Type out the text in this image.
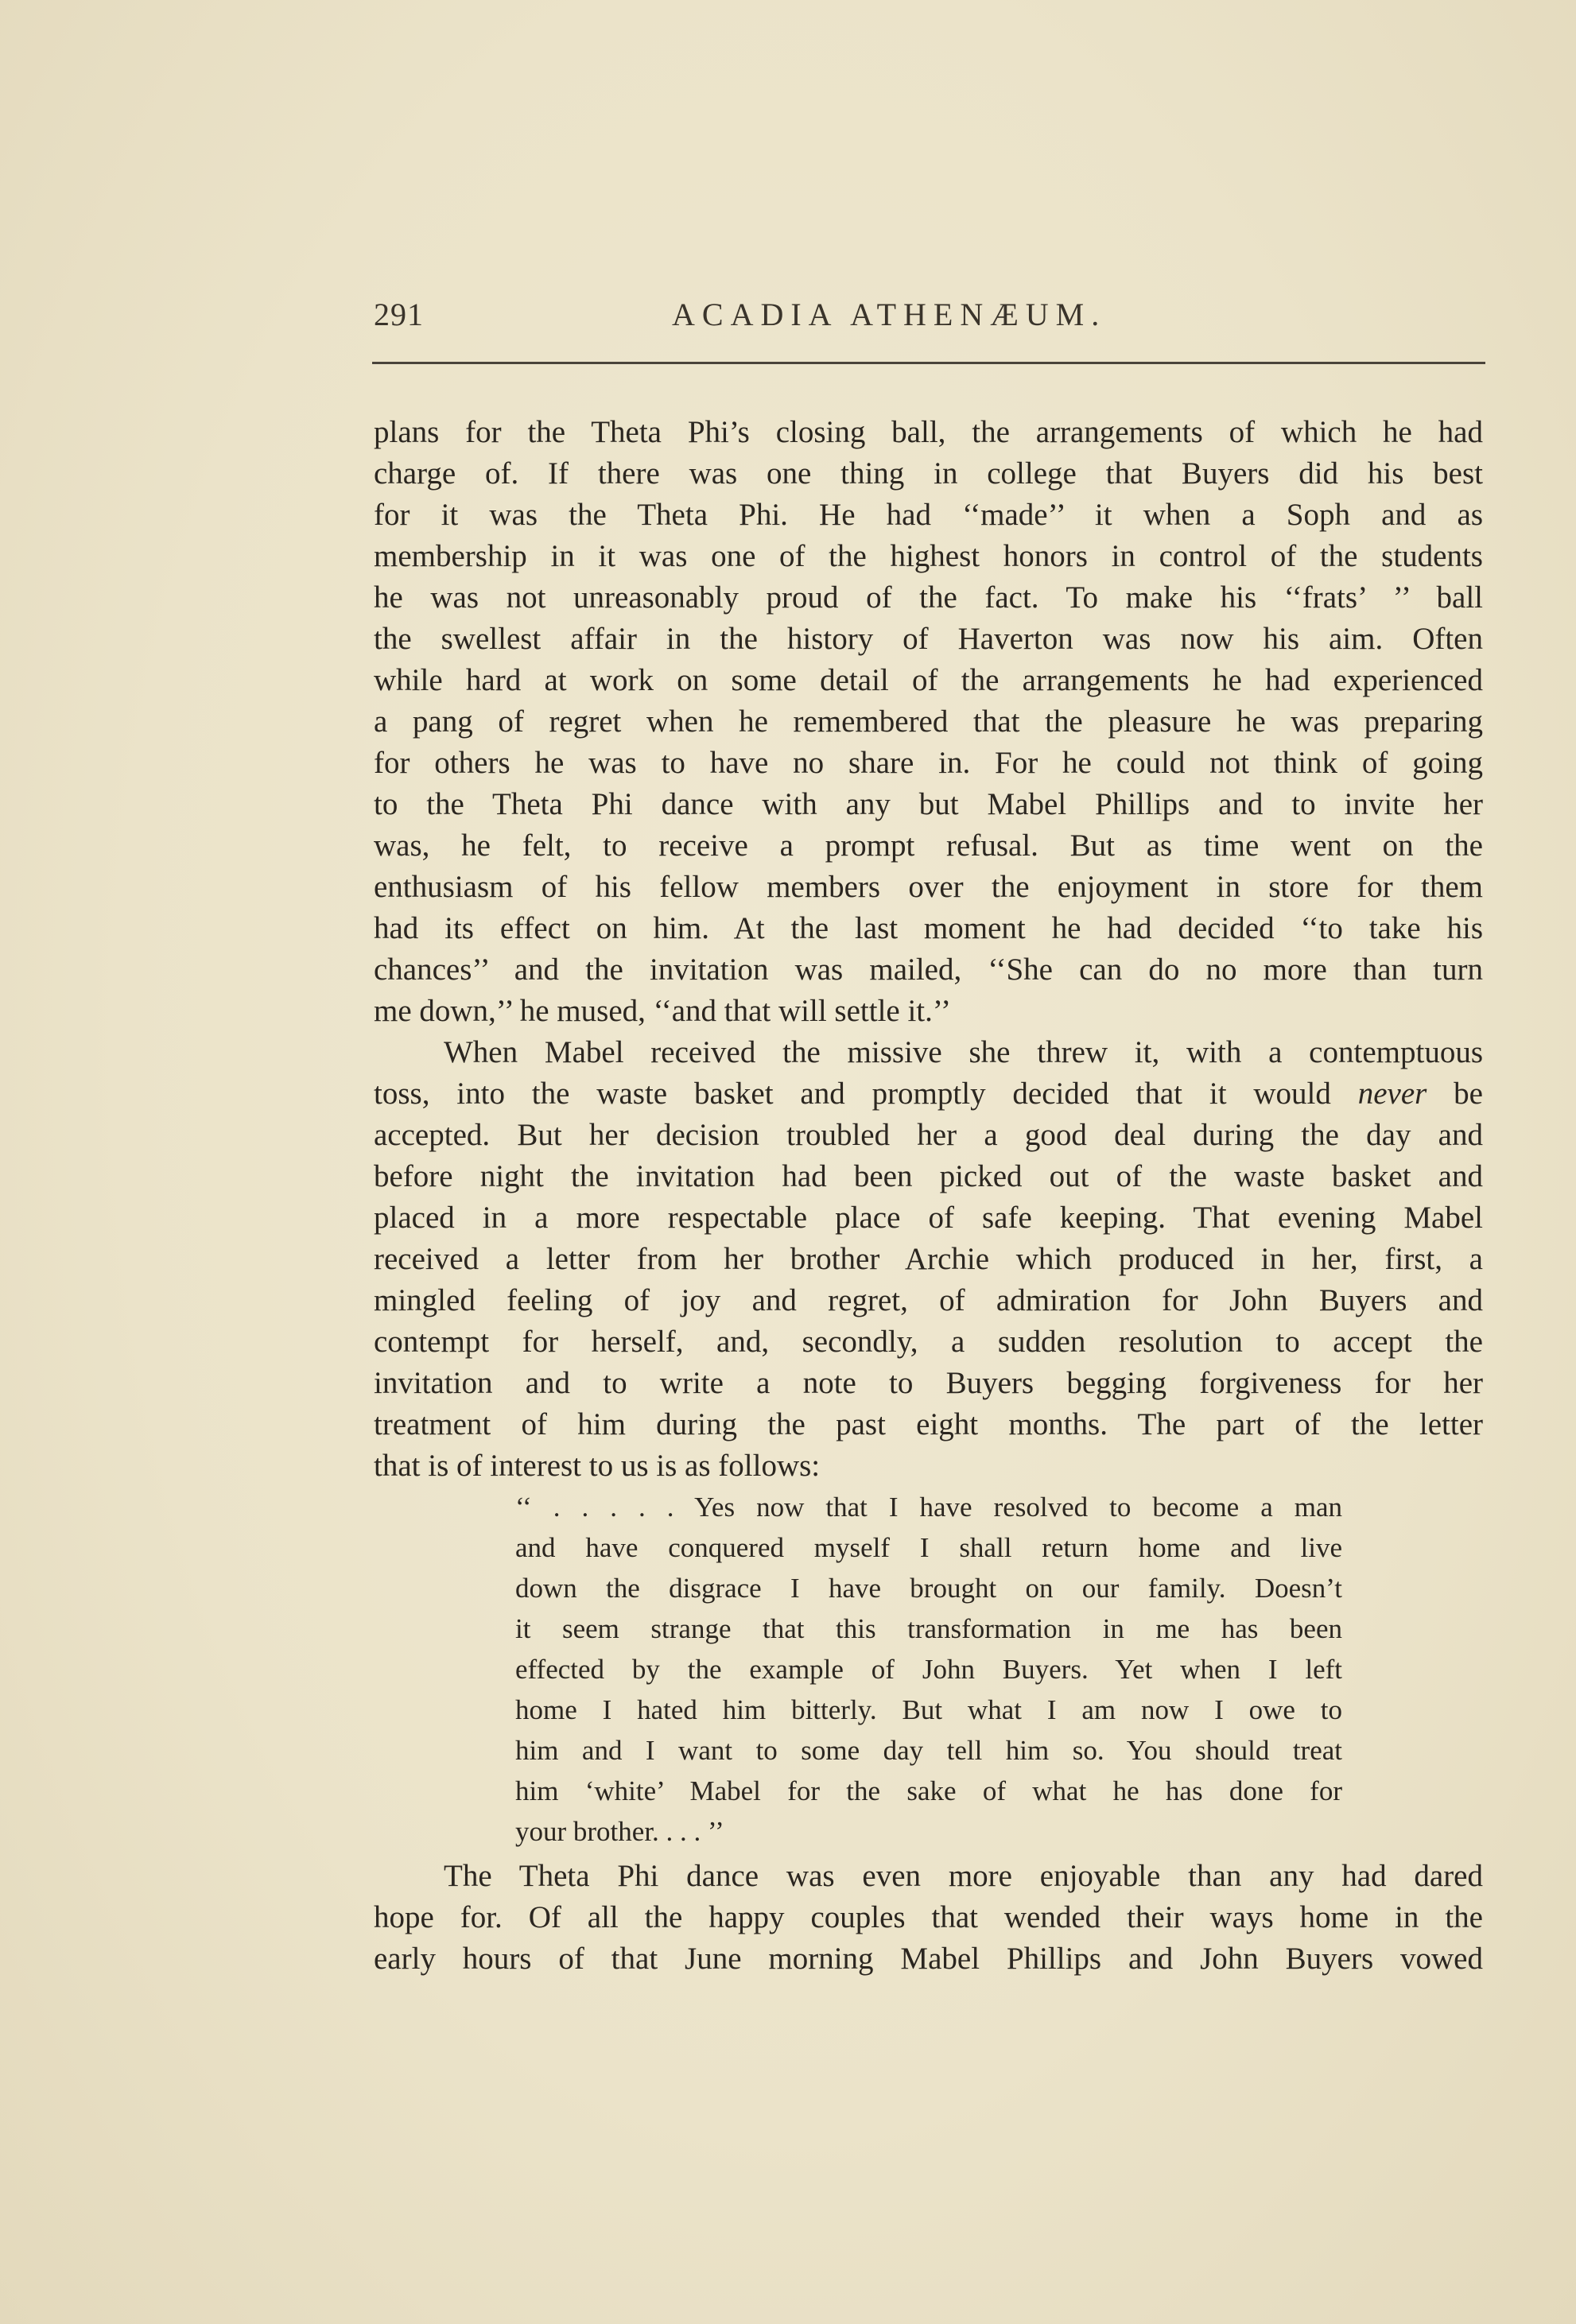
291	ACADIA ATHENÆUM.
plans for the Theta Phi’s closing ball, the arrangements of which he had
charge of. If there was one thing in college that Buyers did his best
for it was the Theta Phi. He had ‘‘made’’ it when a Soph and as
membership in it was one of the highest honors in control of the students
he was not unreasonably proud of the fact. To make his ‘‘frats’ ’’ ball
the swellest affair in the history of Haverton was now his aim. Often
while hard at work on some detail of the arrangements he had experienced
a pang of regret when he remembered that the pleasure he was preparing
for others he was to have no share in. For he could not think of going
to the Theta Phi dance with any but Mabel Phillips and to invite her
was, he felt, to receive a prompt refusal. But as time went on the
enthusiasm of his fellow members over the enjoyment in store for them
had its effect on him. At the last moment he had decided ‘‘to take his
chances’’ and the invitation was mailed, ‘‘She can do no more than turn
me down,’’ he mused, ‘‘and that will settle it.’’
When Mabel received the missive she threw it, with a contemptuous
toss, into the waste basket and promptly decided that it would never be
accepted. But her decision troubled her a good deal during the day and
before night the invitation had been picked out of the waste basket and
placed in a more respectable place of safe keeping. That evening Mabel
received a letter from her brother Archie which produced in her, first, a
mingled feeling of joy and regret, of admiration for John Buyers and
contempt for herself, and, secondly, a sudden resolution to accept the
invitation and to write a note to Buyers begging forgiveness for her
treatment of him during the past eight months. The part of the letter
that is of interest to us is as follows:
‘‘ . . . . . Yes now that I have resolved to become a man
and have conquered myself I shall return home and live
down the disgrace I have brought on our family. Doesn’t
it seem strange that this transformation in me has been
effected by the example of John Buyers. Yet when I left
home I hated him bitterly. But what I am now I owe to
him and I want to some day tell him so. You should treat
him ‘white’ Mabel for the sake of what he has done for
your brother. . . . ’’
The Theta Phi dance was even more enjoyable than any had dared
hope for. Of all the happy couples that wended their ways home in the
early hours of that June morning Mabel Phillips and John Buyers vowed
